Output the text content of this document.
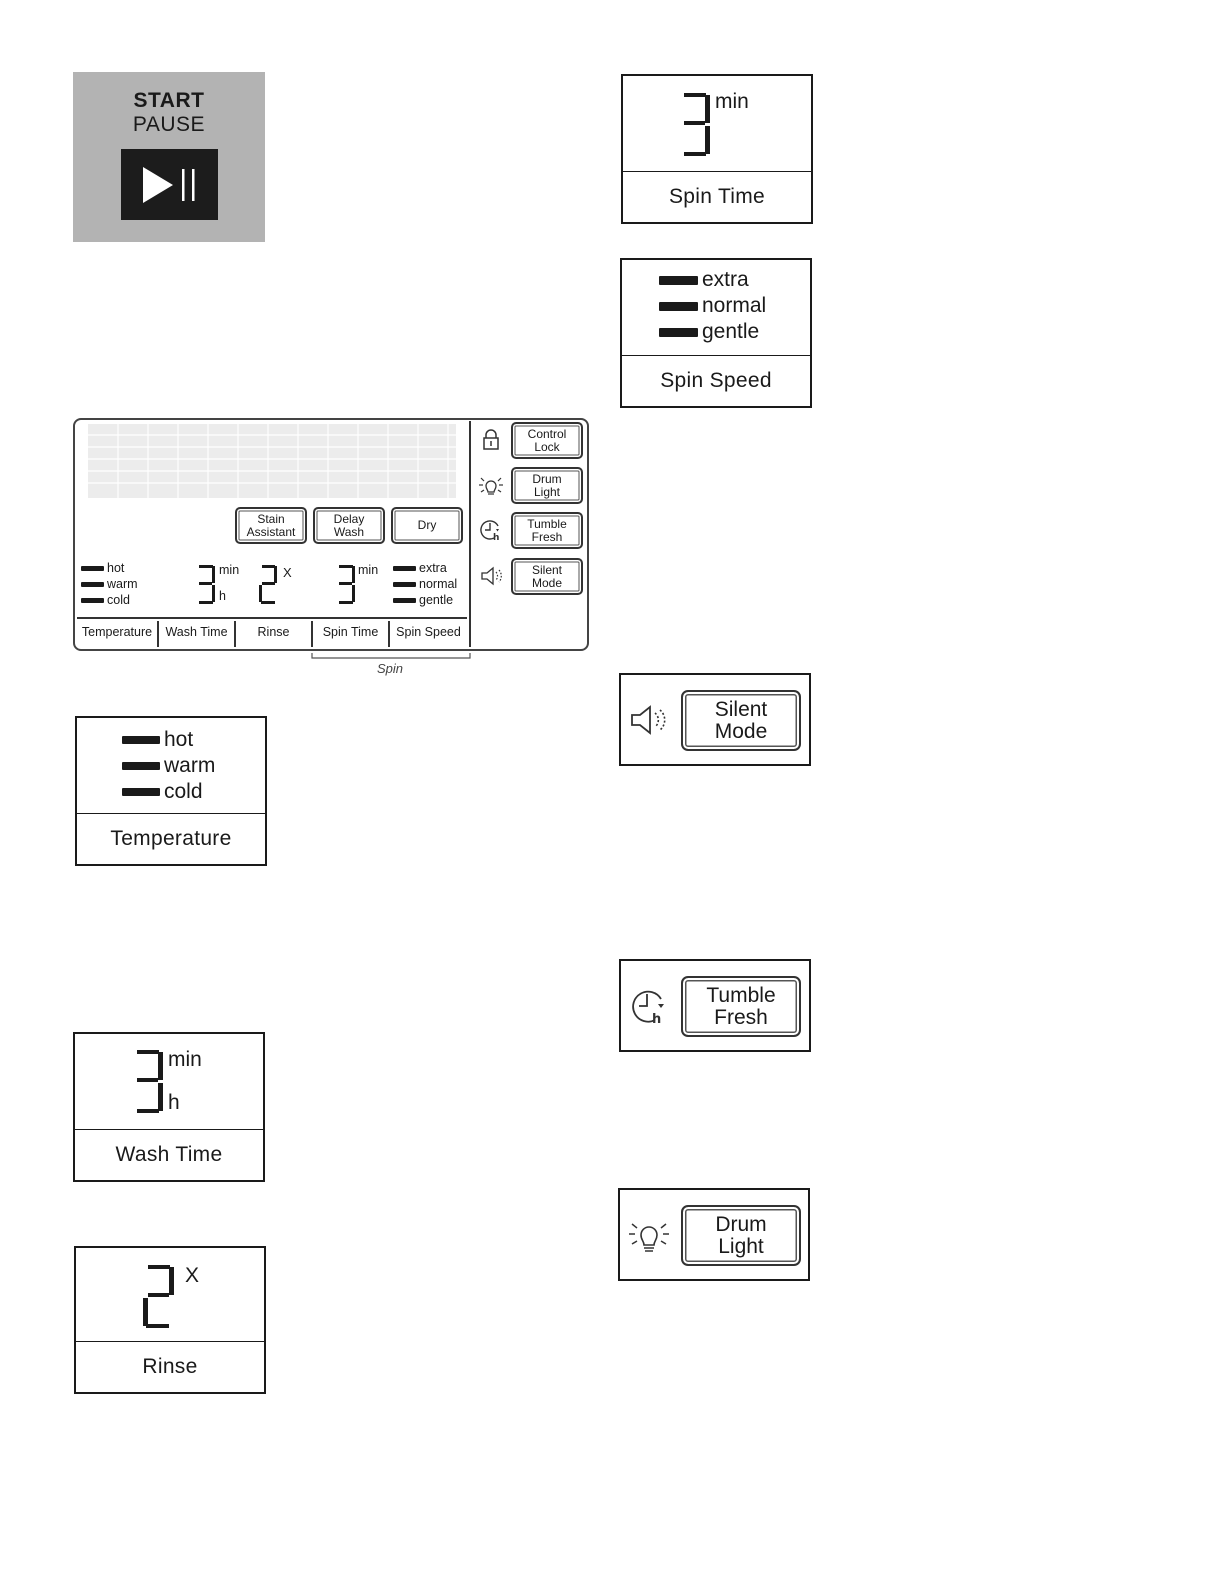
START
PAUSE
Stain
Assistant
Delay
Wash	Dry
h
Control
Lock
Drum
Light
Tumble
Fresh
Silent
Mode
hot
warm
cold
min
h
X	min	extra
normal
gentle
Temperature	Wash Time	Rinse	Spin Time	Spin Speed
Spin
hot
warm
cold
Temperature
min
h
Wash Time
X
Rinse
min
Spin Time
extra
normal
gentle
Spin Speed
Silent
Mode
h
Tumble
Fresh
Drum
Light
